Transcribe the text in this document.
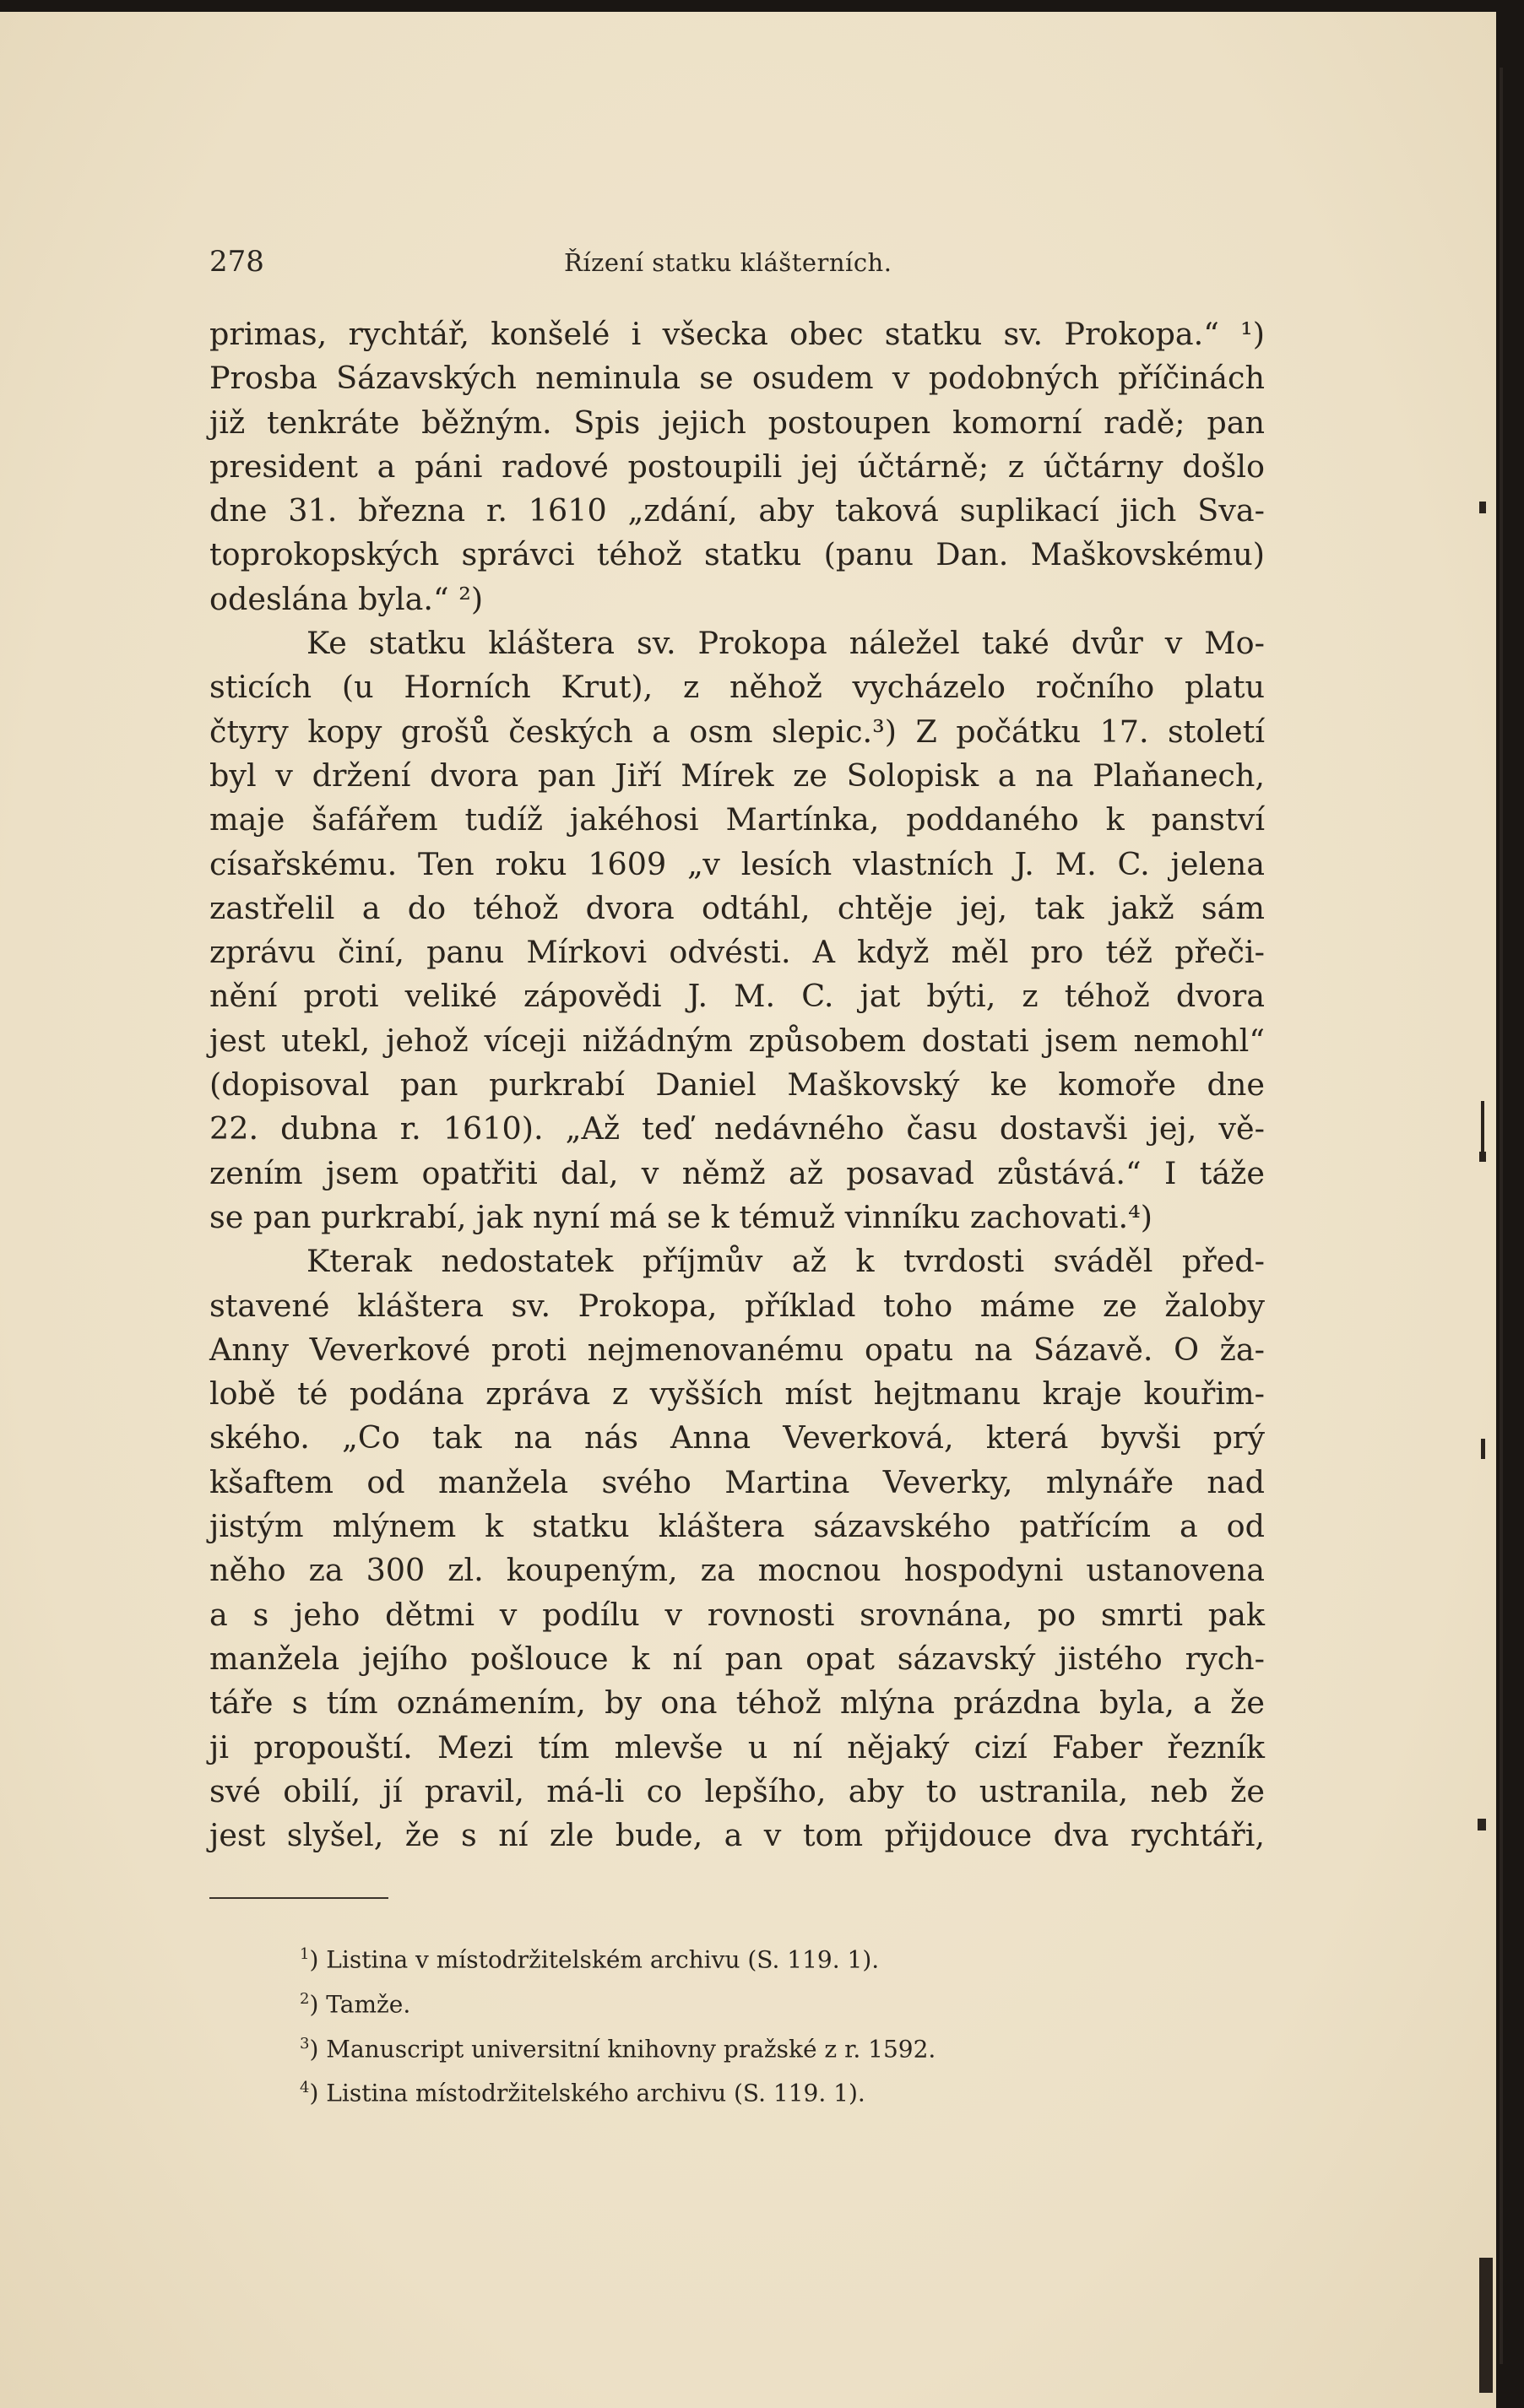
278	Řízení statku klášterních.
primas, rychtář, konšelé i všecka obec statku sv. Prokopa.“ ¹)
Prosba Sázavských neminula se osudem v podobných příčinách
již tenkráte běžným. Spis jejich postoupen komorní radě; pan
president a páni radové postoupili jej účtárně; z účtárny došlo
dne 31. března r. 1610 „zdání, aby taková suplikací jich Sva-
toprokopských správci téhož statku (panu Dan. Maškovskému)
odeslána byla.“ ²)
Ke statku kláštera sv. Prokopa náležel také dvůr v Mo-
sticích (u Horních Krut), z něhož vycházelo ročního platu
čtyry kopy grošů českých a osm slepic.³) Z počátku 17. století
byl v držení dvora pan Jiří Mírek ze Solopisk a na Plaňanech,
maje šafářem tudíž jakéhosi Martínka, poddaného k panství
císařskému. Ten roku 1609 „v lesích vlastních J. M. C. jelena
zastřelil a do téhož dvora odtáhl, chtěje jej, tak jakž sám
zprávu činí, panu Mírkovi odvésti. A když měl pro též přeči-
nění proti veliké zápovědi J. M. C. jat býti, z téhož dvora
jest utekl, jehož víceji nižádným způsobem dostati jsem nemohl“
(dopisoval pan purkrabí Daniel Maškovský ke komoře dne
22. dubna r. 1610). „Až teď nedávného času dostavši jej, vě-
zením jsem opatřiti dal, v němž až posavad zůstává.“ I táže
se pan purkrabí, jak nyní má se k témuž vinníku zachovati.⁴)
Kterak nedostatek příjmův až k tvrdosti sváděl před-
stavené kláštera sv. Prokopa, příklad toho máme ze žaloby
Anny Veverkové proti nejmenovanému opatu na Sázavě. O ža-
lobě té podána zpráva z vyšších míst hejtmanu kraje kouřim-
ského. „Co tak na nás Anna Veverková, která byvši prý
kšaftem od manžela svého Martina Veverky, mlynáře nad
jistým mlýnem k statku kláštera sázavského patřícím a od
něho za 300 zl. koupeným, za mocnou hospodyni ustanovena
a s jeho dětmi v podílu v rovnosti srovnána, po smrti pak
manžela jejího pošlouce k ní pan opat sázavský jistého rych-
táře s tím oznámením, by ona téhož mlýna prázdna byla, a že
ji propouští. Mezi tím mlevše u ní nějaký cizí Faber řezník
své obilí, jí pravil, má-li co lepšího, aby to ustranila, neb že
jest slyšel, že s ní zle bude, a v tom přijdouce dva rychtáři,
$^1$) Listina v místodržitelském archivu (S. 119. 1).
$^2$) Tamže.
$^3$) Manuscript universitní knihovny pražské z r. 1592.
$^4$) Listina místodržitelského archivu (S. 119. 1).
